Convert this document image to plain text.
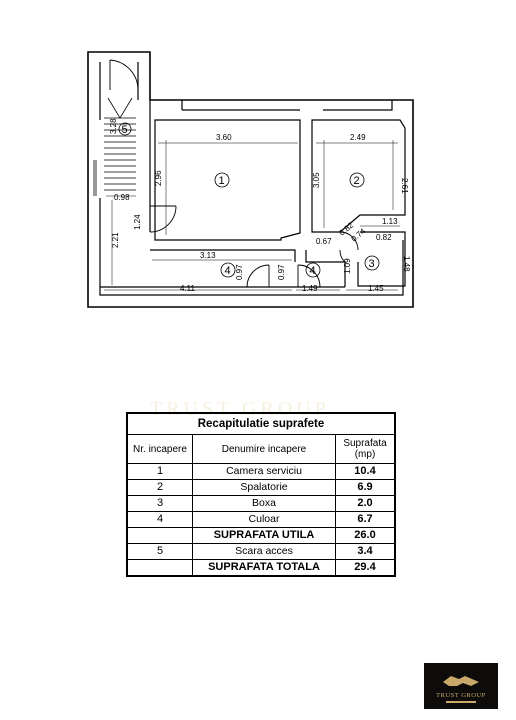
TRUST GROUP
3.60	2.49
2.96	3.05	2.61
3.28
0.98
1.24
2.21
3.13
0.67
0.82
0.74
1.13
0.82
0.97	0.97	1.09	1.48
4.11	1.49	1.45
1	2
3
4	4
5
Recapitulatie suprafete		
Nr. incapere	Denumire incapere	Suprafata (mp)
1	Camera serviciu	10.4
2	Spalatorie	6.9
3	Boxa	2.0
4	Culoar	6.7
	SUPRAFATA UTILA	26.0
5	Scara acces	3.4
	SUPRAFATA TOTALA	29.4
TRUST GROUP
